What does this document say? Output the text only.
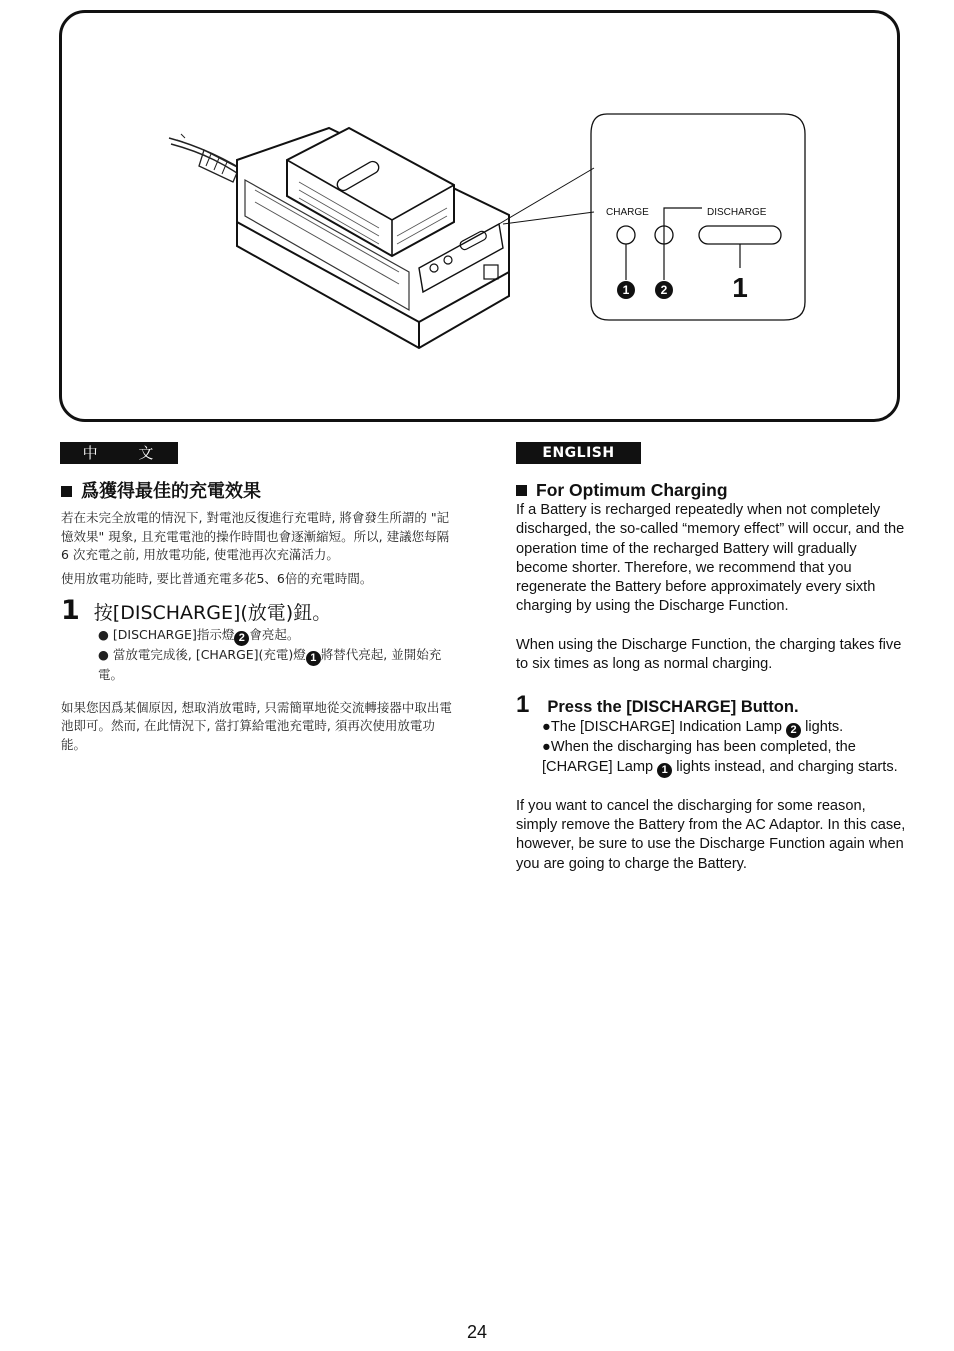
CHARGE	DISCHARGE
1	2 1
中 文
爲獲得最佳的充電效果

若在未完全放電的情況下, 對電池反復進行充電時, 將會發生所謂的 "記憶效果" 現象, 且充電電池的操作時間也會逐漸縮短。所以, 建議您每隔 6 次充電之前, 用放電功能, 使電池再次充滿活力。

使用放電功能時, 要比普通充電多花5、6倍的充電時間。

1 按[DISCHARGE](放電)鈕。
● [DISCHARGE]指示燈 2 會亮起。
● 當放電完成後, [CHARGE](充電)燈 1 將替代亮起, 並開始充電。

如果您因爲某個原因, 想取消放電時, 只需簡單地從交流轉接器中取出電池即可。然而, 在此情況下, 當打算給電池充電時, 須再次使用放電功能。

ENGLISH
For Optimum Charging

If a Battery is recharged repeatedly when not completely discharged, the so-called “memory effect” will occur, and the operation time of the recharged Battery will gradually become shorter. Therefore, we recommend that you regenerate the Battery before approximately every sixth charging by using the Discharge Function.

When using the Discharge Function, the charging takes five to six times as long as normal charging.

1 Press the [DISCHARGE] Button.
●The [DISCHARGE] Indication Lamp 2 lights.
●When the discharging has been completed, the [CHARGE] Lamp 1 lights instead, and charging starts.

If you want to cancel the discharging for some reason, simply remove the Battery from the AC Adaptor. In this case, however, be sure to use the Discharge Function again when you are going to charge the Battery.

24
